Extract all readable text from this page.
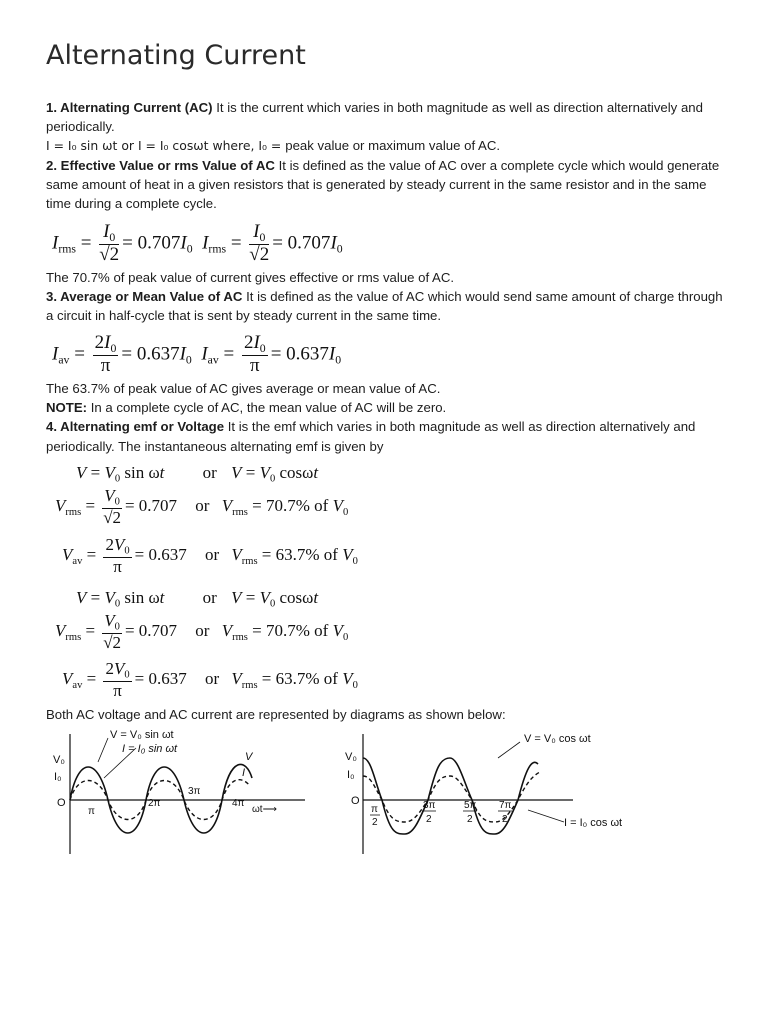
Alternating Current

1. Alternating Current (AC) It is the current which varies in both magnitude as well as direction alternatively and periodically.

I = I₀ sin ωt or I = I₀ cosωt where, I₀ = peak value or maximum value of AC.

2. Effective Value or rms Value of AC It is defined as the value of AC over a complete cycle which would generate same amount of heat in a given resistors that is generated by steady current in the same resistor and in the same time during a complete cycle.

$I_{rms} = \frac{I_0}{√2} = 0.707I_0$ $I_{rms} = \frac{I_0}{√2} = 0.707I_0$

The 70.7% of peak value of current gives effective or rms value of AC.

3. Average or Mean Value of AC It is defined as the value of AC which would send same amount of charge through a circuit in half-cycle that is sent by steady current in the same time.

$I_{av} = \frac{2I_0}{\pi} = 0.637I_0$ $I_{av} = \frac{2I_0}{\pi} = 0.637I_0$

The 63.7% of peak value of AC gives average or mean value of AC.

NOTE: In a complete cycle of AC, the mean value of AC will be zero.

4. Alternating emf or Voltage It is the emf which varies in both magnitude as well as direction alternatively and periodically. The instantaneous alternating emf is given by

$V = V_0$ sin ωt or $V = V_0$ cosωt
$V_{rms} = \frac{V_0}{√2} = 0.707$ or $V_{rms} = 70.7\%$ of $V_0$
$V_{av} = \frac{2V_0}{\pi} = 0.637$ or $V_{rms} = 63.7\%$ of $V_0$
$V = V_0$ sin ωt or $V = V_0$ cosωt
$V_{rms} = \frac{V_0}{√2} = 0.707$ or $V_{rms} = 70.7\%$ of $V_0$
$V_{av} = \frac{2V_0}{\pi} = 0.637$ or $V_{rms} = 63.7\%$ of $V_0$

Both AC voltage and AC current are represented by diagrams as shown below:

V = V₀ sin ωt
I = I₀ sin ωt
V
I
V₀
I₀
O
π
2π
3π
4π
ωt⟶
V = V₀ cos ωt
I = I₀ cos ωt
V₀
I₀
O
π
2
3π
2
5π
2
7π
2
